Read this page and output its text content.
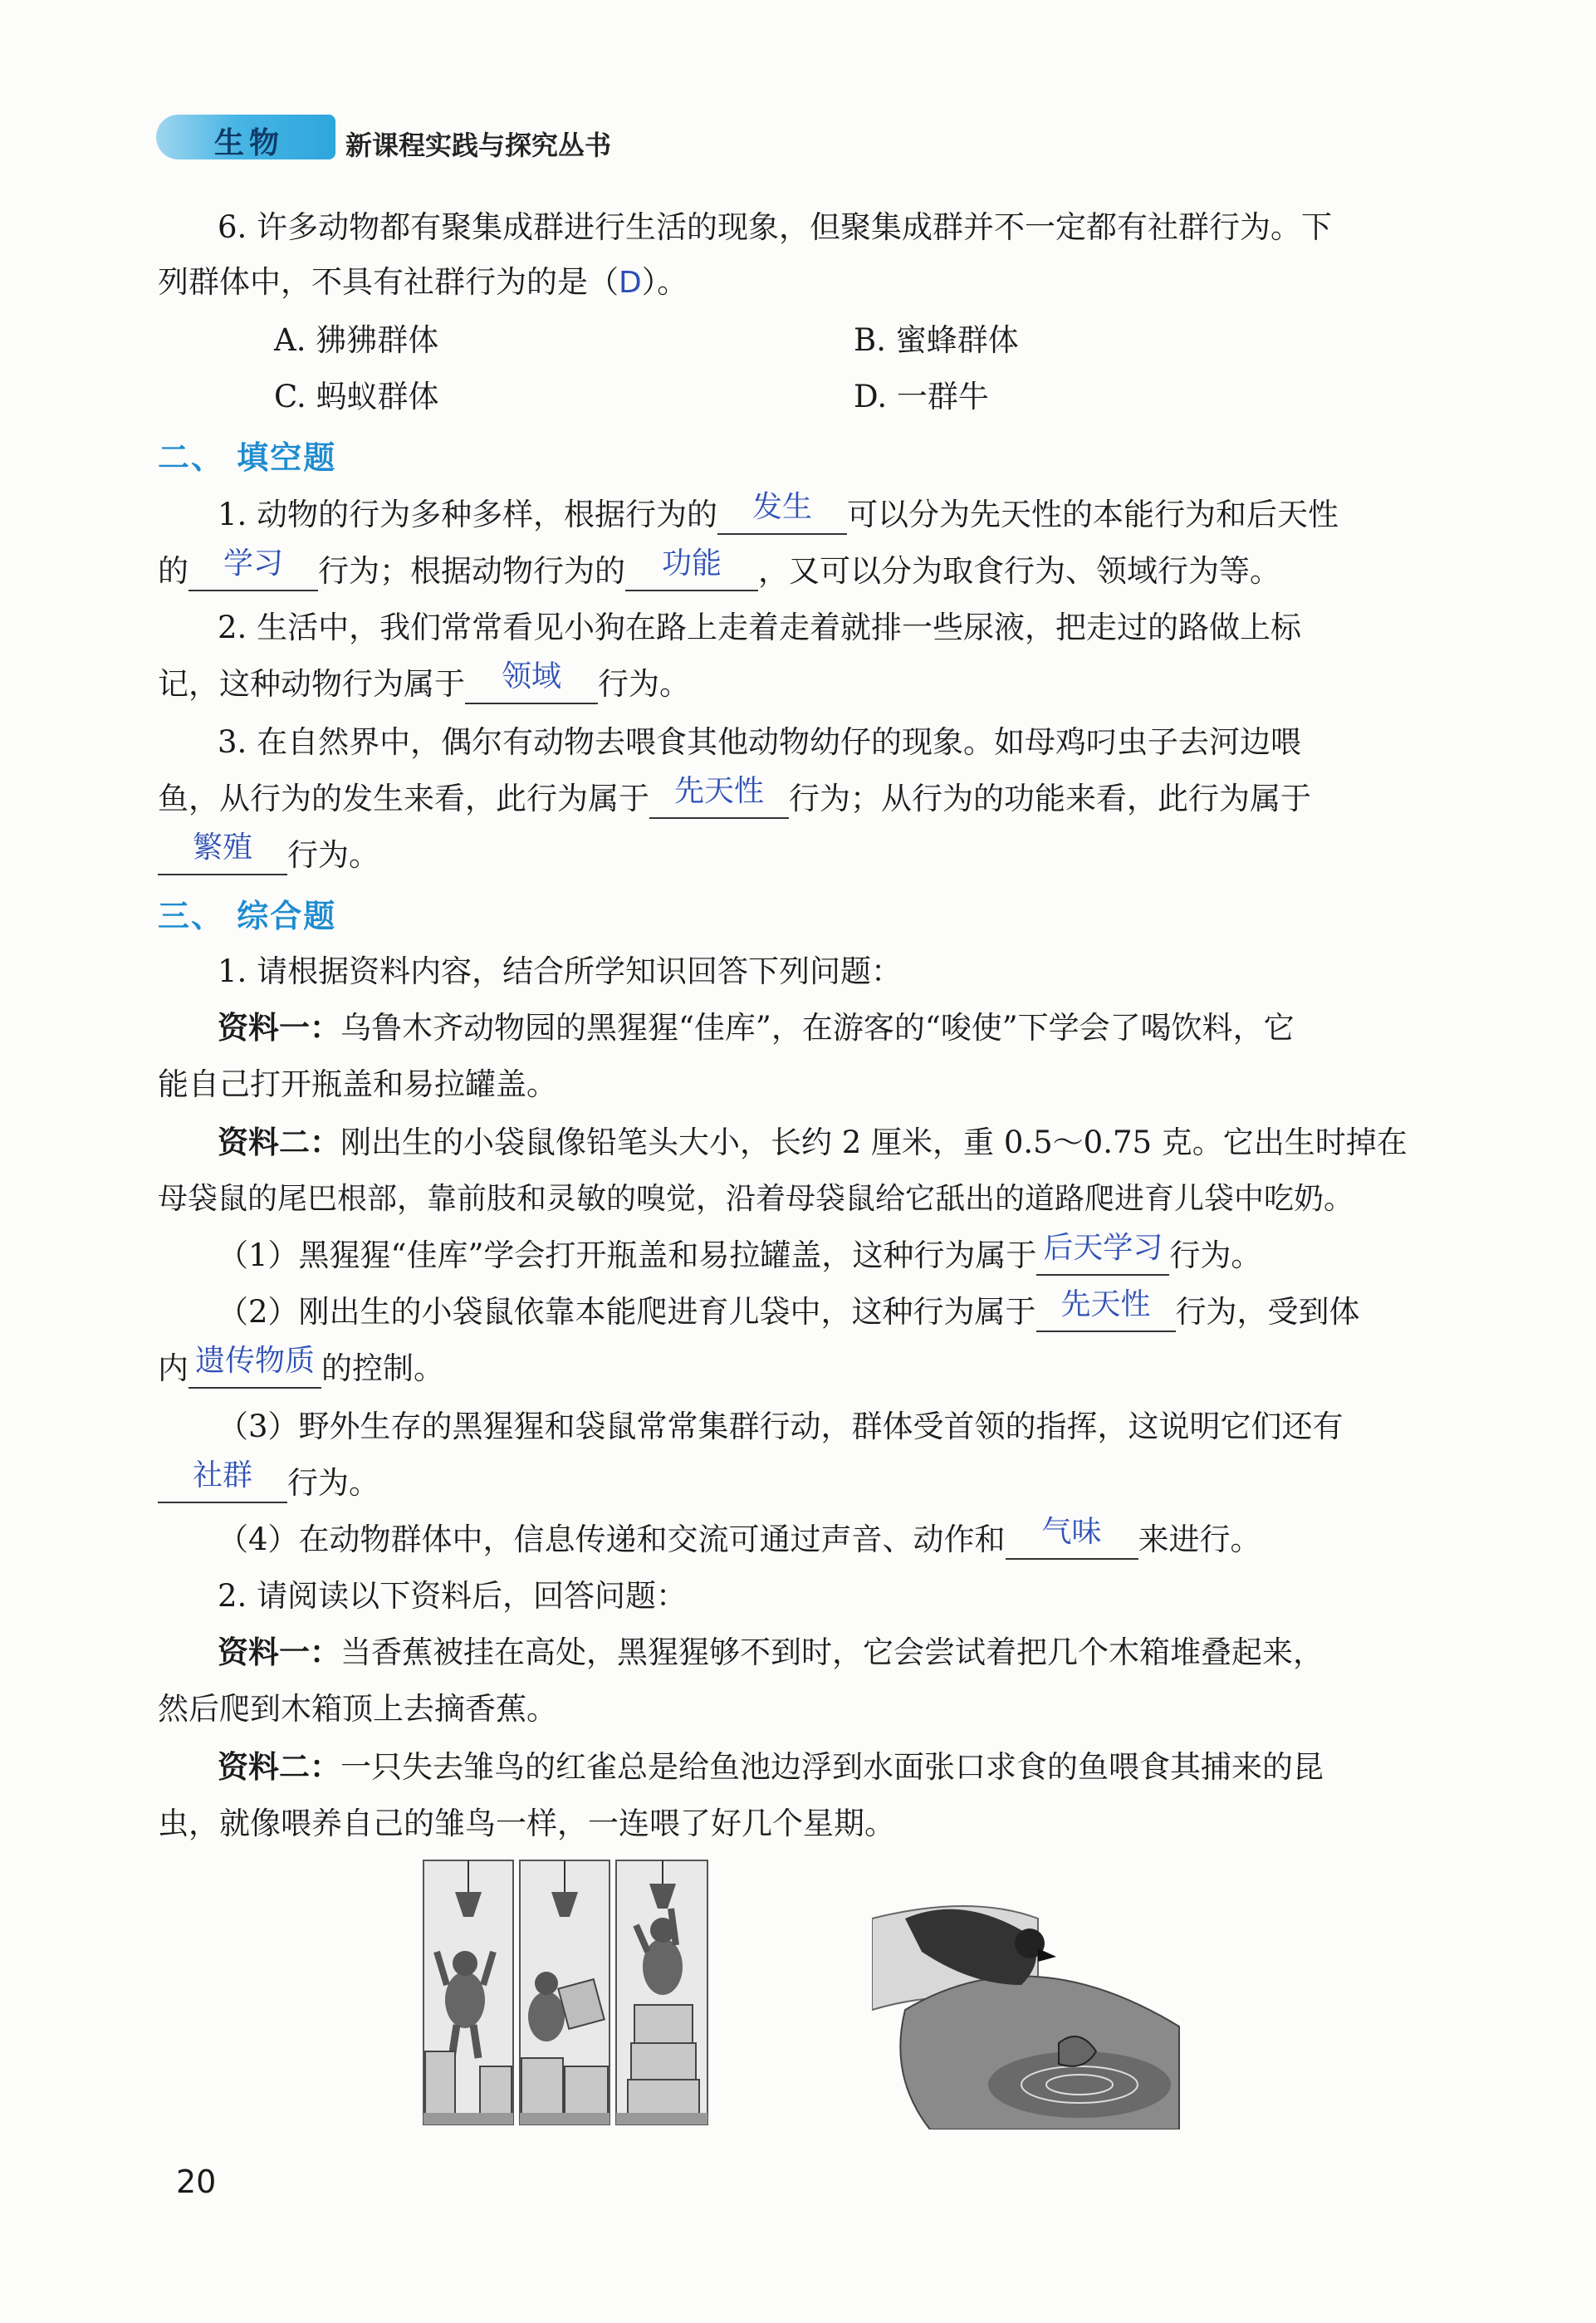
生物 新课程实践与探究丛书
6. 许多动物都有聚集成群进行生活的现象，但聚集成群并不一定都有社群行为。下
列群体中，不具有社群行为的是（D）。
A. 狒狒群体	B. 蜜蜂群体
C. 蚂蚁群体	D. 一群牛
二、 填空题
1. 动物的行为多种多样，根据行为的 发生 可以分为先天性的本能行为和后天性
的 学习 行为；根据动物行为的 功能 ，又可以分为取食行为、领域行为等。
2. 生活中，我们常常看见小狗在路上走着走着就排一些尿液，把走过的路做上标
记，这种动物行为属于 领域 行为。
3. 在自然界中，偶尔有动物去喂食其他动物幼仔的现象。如母鸡叼虫子去河边喂
鱼，从行为的发生来看，此行为属于 先天性 行为；从行为的功能来看，此行为属于
繁殖 行为。
三、 综合题
1. 请根据资料内容，结合所学知识回答下列问题：
资料一：乌鲁木齐动物园的黑猩猩“佳库”，在游客的“唆使”下学会了喝饮料，它
能自己打开瓶盖和易拉罐盖。
资料二：刚出生的小袋鼠像铅笔头大小，长约 2 厘米，重 0.5～0.75 克。它出生时掉在
母袋鼠的尾巴根部，靠前肢和灵敏的嗅觉，沿着母袋鼠给它舐出的道路爬进育儿袋中吃奶。
（1）黑猩猩“佳库”学会打开瓶盖和易拉罐盖，这种行为属于 后天学习 行为。
（2）刚出生的小袋鼠依靠本能爬进育儿袋中，这种行为属于 先天性 行为，受到体
内 遗传物质 的控制。
（3）野外生存的黑猩猩和袋鼠常常集群行动，群体受首领的指挥，这说明它们还有
社群 行为。
（4）在动物群体中，信息传递和交流可通过声音、动作和 气味 来进行。
2. 请阅读以下资料后，回答问题：
资料一：当香蕉被挂在高处，黑猩猩够不到时，它会尝试着把几个木箱堆叠起来，
然后爬到木箱顶上去摘香蕉。
资料二：一只失去雏鸟的红雀总是给鱼池边浮到水面张口求食的鱼喂食其捕来的昆
虫，就像喂养自己的雏鸟一样，一连喂了好几个星期。
20
